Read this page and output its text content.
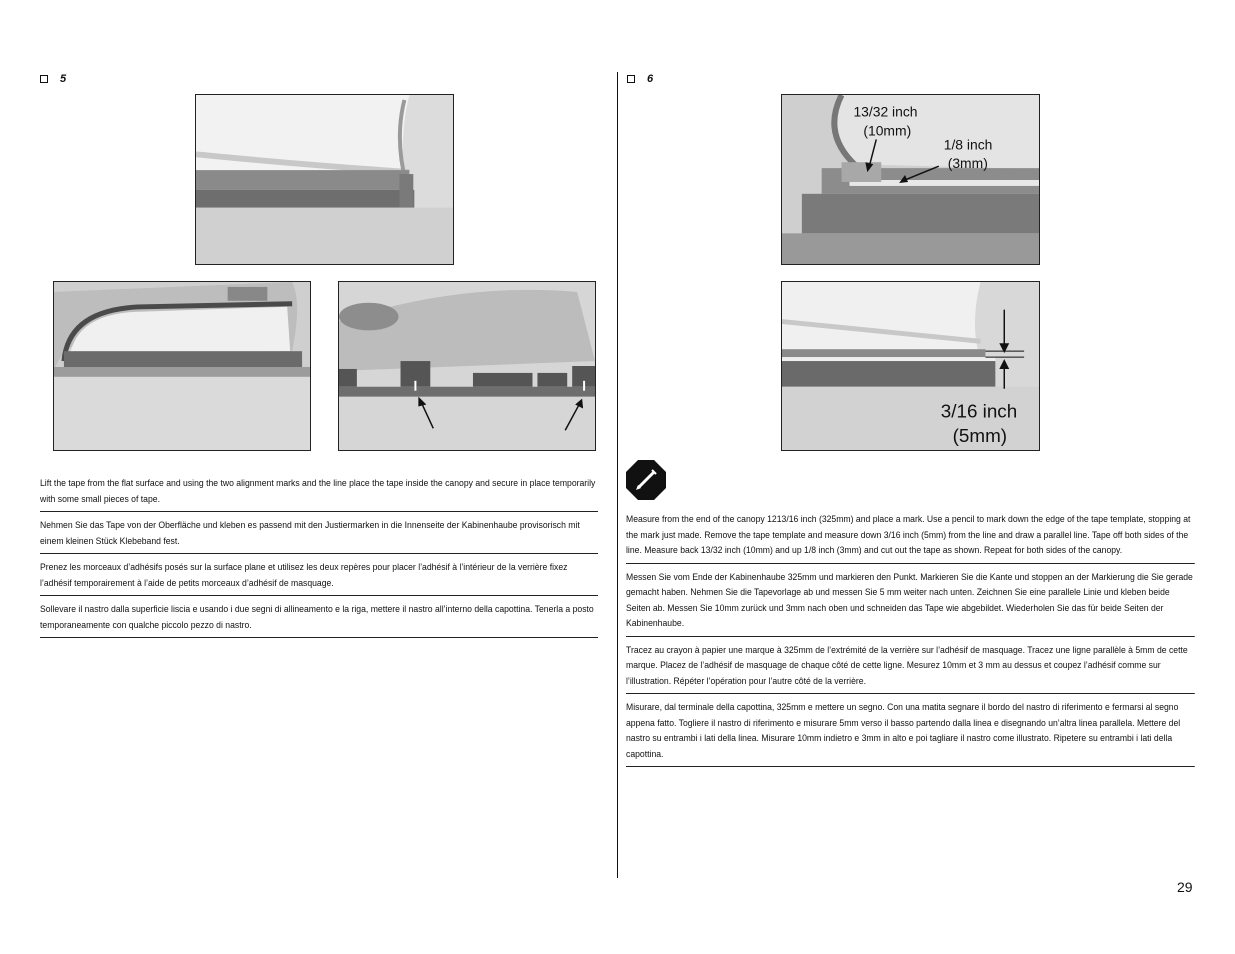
5	6
13/32 inch
(10mm)
1/8 inch
(3mm)
3/16 inch
(5mm)
Lift the tape from the flat surface and using the two alignment marks and the line place the tape inside the canopy and secure in place temporarily with some small pieces of tape.
Nehmen Sie das Tape von der Oberfläche und kleben es passend mit den Justiermarken in die Innenseite der Kabinenhaube provisorisch mit einem kleinen Stück Klebeband fest.
Prenez les morceaux d’adhésifs posés sur la surface plane et utilisez les deux repères pour placer l’adhésif à l’intérieur de la verrière fixez l’adhésif temporairement à l’aide de petits morceaux d’adhésif de masquage.
Sollevare il nastro dalla superficie liscia e usando i due segni di allineamento e la riga, mettere il nastro all’interno della capottina. Tenerla a posto temporaneamente con qualche piccolo pezzo di nastro.
Measure from the end of the canopy 1213/16 inch (325mm) and place a mark. Use a pencil to mark down the edge of the tape template, stopping at the mark just made. Remove the tape template and measure down 3/16 inch (5mm) from the line and draw a parallel line. Tape off both sides of the line. Measure back 13/32 inch (10mm) and up 1/8 inch (3mm) and cut out the tape as shown. Repeat for both sides of the canopy.
Messen Sie vom Ende der Kabinenhaube 325mm und markieren den Punkt. Markieren Sie die Kante und stoppen an der Markierung die Sie gerade gemacht haben. Nehmen Sie die Tapevorlage ab und messen Sie 5 mm weiter nach unten. Zeichnen Sie eine parallele Linie und kleben beide Seiten ab. Messen Sie 10mm zurück und 3mm nach oben und schneiden das Tape wie abgebildet. Wiederholen Sie das für beide Seiten der Kabinenhaube.
Tracez au crayon à papier une marque à 325mm de l’extrémité de la verrière sur l’adhésif de masquage. Tracez une ligne parallèle à 5mm de cette marque. Placez de l’adhésif de masquage de chaque côté de cette ligne. Mesurez 10mm et 3 mm au dessus et coupez l’adhésif comme sur l’illustration. Répéter l’opération pour l’autre côté de la verrière.
Misurare, dal terminale della capottina, 325mm e mettere un segno. Con una matita segnare il bordo del nastro di riferimento e fermarsi al segno appena fatto. Togliere il nastro di riferimento e misurare 5mm verso il basso partendo dalla linea e disegnando un’altra linea parallela. Mettere del nastro su entrambi i lati della linea. Misurare 10mm indietro e 3mm in alto e poi tagliare il nastro come illustrato. Ripetere su entrambi i lati della capottina.
29
